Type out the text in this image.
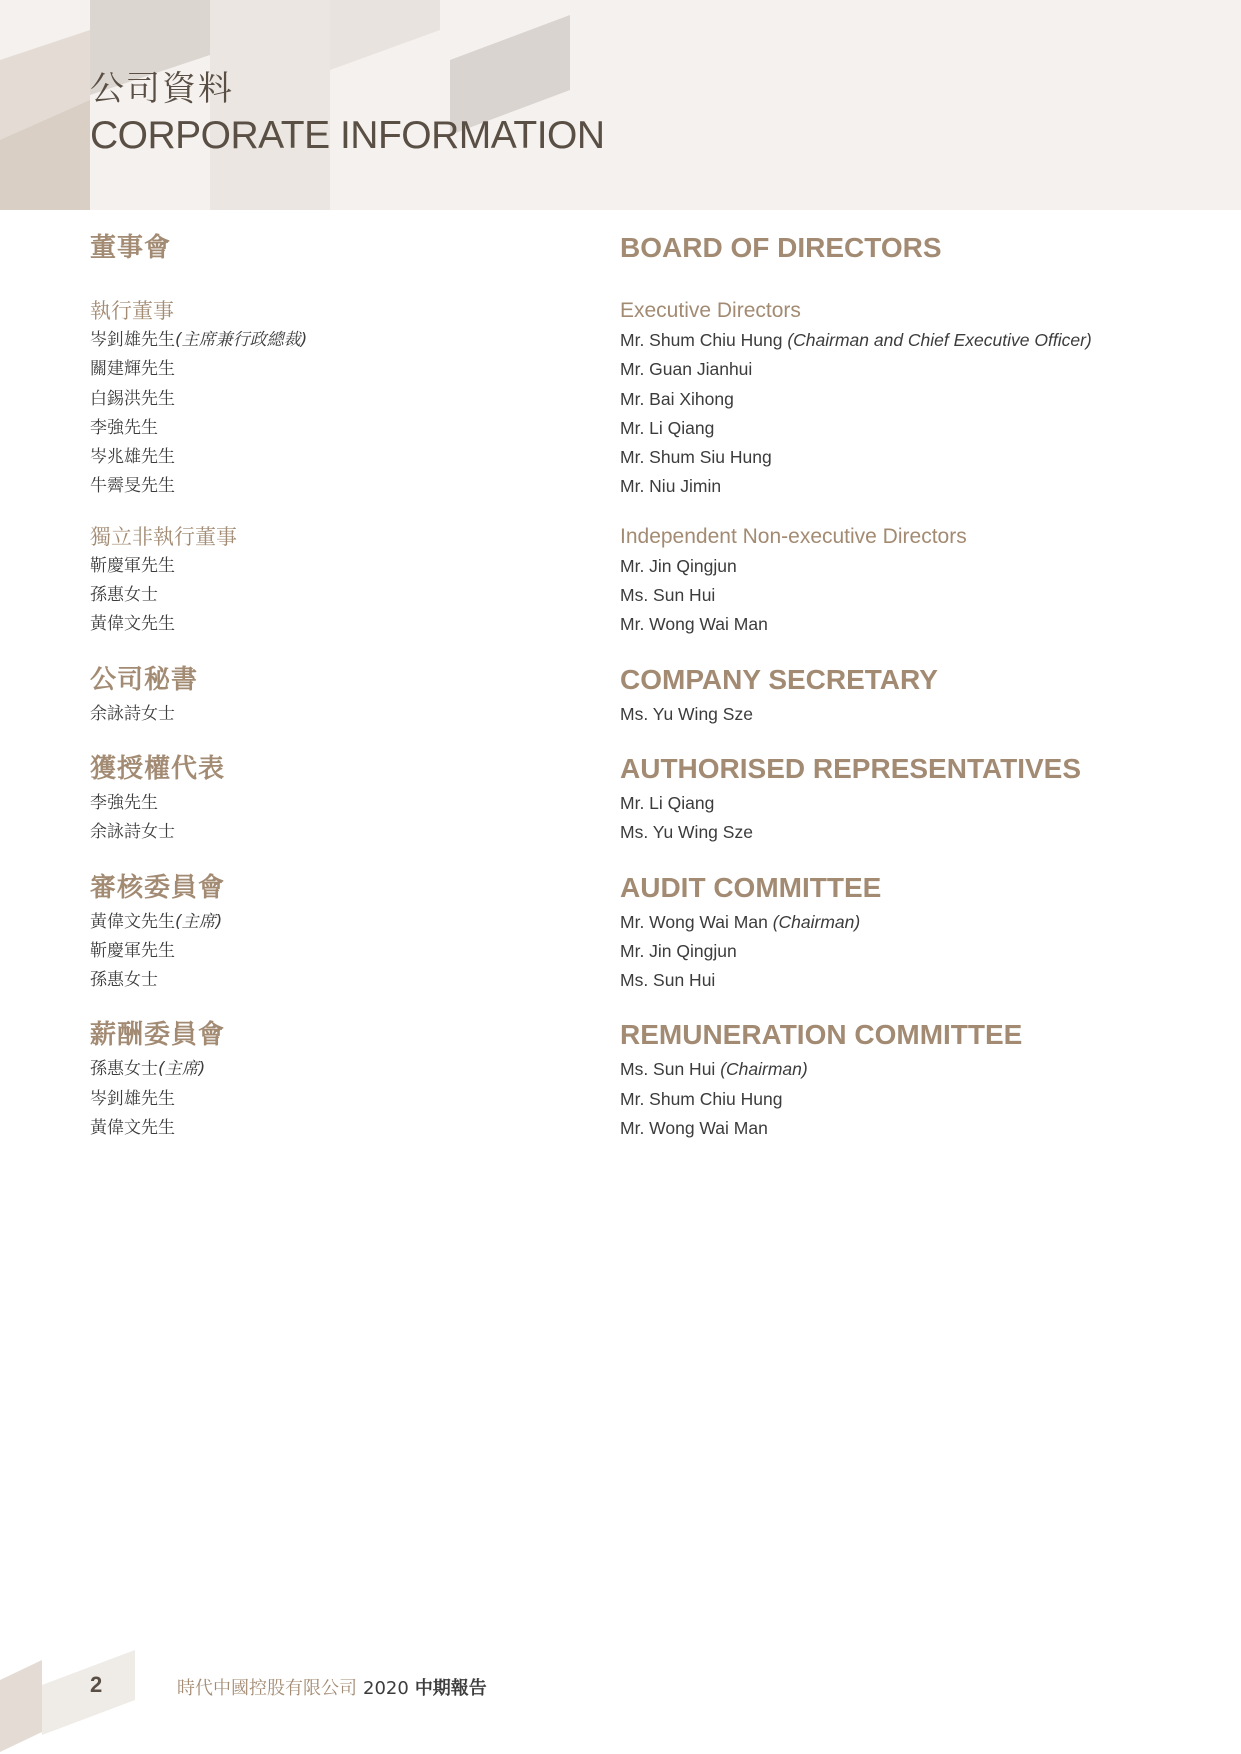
公司資料
CORPORATE INFORMATION
董事會
執行董事
岑釗雄先生(主席兼行政總裁)
關建輝先生
白錫洪先生
李強先生
岑兆雄先生
牛霽旻先生
獨立非執行董事
靳慶軍先生
孫惠女士
黃偉文先生
公司秘書
余詠詩女士
獲授權代表
李強先生
余詠詩女士
審核委員會
黃偉文先生(主席)
靳慶軍先生
孫惠女士
薪酬委員會
孫惠女士(主席)
岑釗雄先生
黃偉文先生
BOARD OF DIRECTORS
Executive Directors
Mr. Shum Chiu Hung (Chairman and Chief Executive Officer)
Mr. Guan Jianhui
Mr. Bai Xihong
Mr. Li Qiang
Mr. Shum Siu Hung
Mr. Niu Jimin
Independent Non-executive Directors
Mr. Jin Qingjun
Ms. Sun Hui
Mr. Wong Wai Man
COMPANY SECRETARY
Ms. Yu Wing Sze
AUTHORISED REPRESENTATIVES
Mr. Li Qiang
Ms. Yu Wing Sze
AUDIT COMMITTEE
Mr. Wong Wai Man (Chairman)
Mr. Jin Qingjun
Ms. Sun Hui
REMUNERATION COMMITTEE
Ms. Sun Hui (Chairman)
Mr. Shum Chiu Hung
Mr. Wong Wai Man
2	時代中國控股有限公司 2020 中期報告
